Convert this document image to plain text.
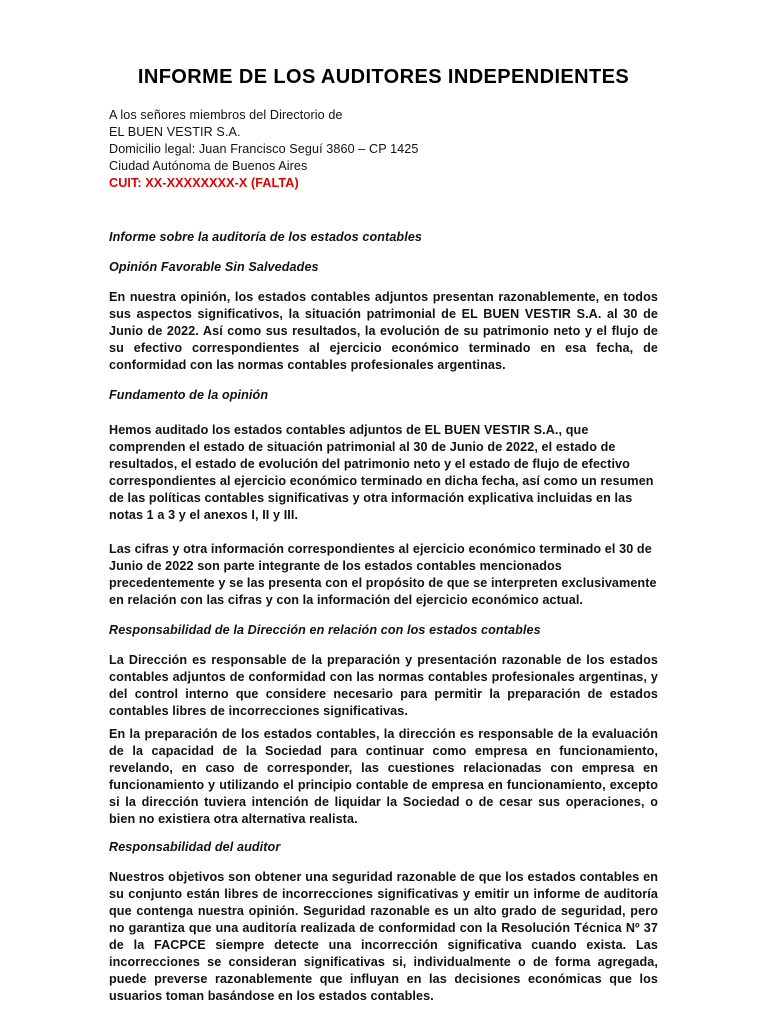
INFORME DE LOS AUDITORES INDEPENDIENTES
A los señores miembros del Directorio de
EL BUEN VESTIR S.A.
Domicilio legal: Juan Francisco Seguí 3860 – CP 1425
Ciudad Autónoma de Buenos Aires
CUIT: XX-XXXXXXXX-X (FALTA)

Informe sobre la auditoría de los estados contables

Opinión Favorable Sin Salvedades

En nuestra opinión, los estados contables adjuntos presentan razonablemente, en todos sus aspectos significativos, la situación patrimonial de EL BUEN VESTIR S.A. al 30 de Junio de 2022. Así como sus resultados, la evolución de su patrimonio neto y el flujo de su efectivo correspondientes al ejercicio económico terminado en esa fecha, de conformidad con las normas contables profesionales argentinas.

Fundamento de la opinión

Hemos auditado los estados contables adjuntos de EL BUEN VESTIR S.A., que comprenden el estado de situación patrimonial al 30 de Junio de 2022, el estado de resultados, el estado de evolución del patrimonio neto y el estado de flujo de efectivo correspondientes al ejercicio económico terminado en dicha fecha, así como un resumen de las políticas contables significativas y otra información explicativa incluidas en las notas 1 a 3 y el anexos I, II y III.

Las cifras y otra información correspondientes al ejercicio económico terminado el 30 de Junio de 2022 son parte integrante de los estados contables mencionados precedentemente y se las presenta con el propósito de que se interpreten exclusivamente en relación con las cifras y con la información del ejercicio económico actual.

Responsabilidad de la Dirección en relación con los estados contables

La Dirección es responsable de la preparación y presentación razonable de los estados contables adjuntos de conformidad con las normas contables profesionales argentinas, y del control interno que considere necesario para permitir la preparación de estados contables libres de incorrecciones significativas.

En la preparación de los estados contables, la dirección es responsable de la evaluación de la capacidad de la Sociedad para continuar como empresa en funcionamiento, revelando, en caso de corresponder, las cuestiones relacionadas con empresa en funcionamiento y utilizando el principio contable de empresa en funcionamiento, excepto si la dirección tuviera intención de liquidar la Sociedad o de cesar sus operaciones, o bien no existiera otra alternativa realista.

Responsabilidad del auditor

Nuestros objetivos son obtener una seguridad razonable de que los estados contables en su conjunto están libres de incorrecciones significativas y emitir un informe de auditoría que contenga nuestra opinión. Seguridad razonable es un alto grado de seguridad, pero no garantiza que una auditoría realizada de conformidad con la Resolución Técnica Nº 37 de la FACPCE siempre detecte una incorrección significativa cuando exista. Las incorrecciones se consideran significativas si, individualmente o de forma agregada, puede preverse razonablemente que influyan en las decisiones económicas que los usuarios toman basándose en los estados contables.
